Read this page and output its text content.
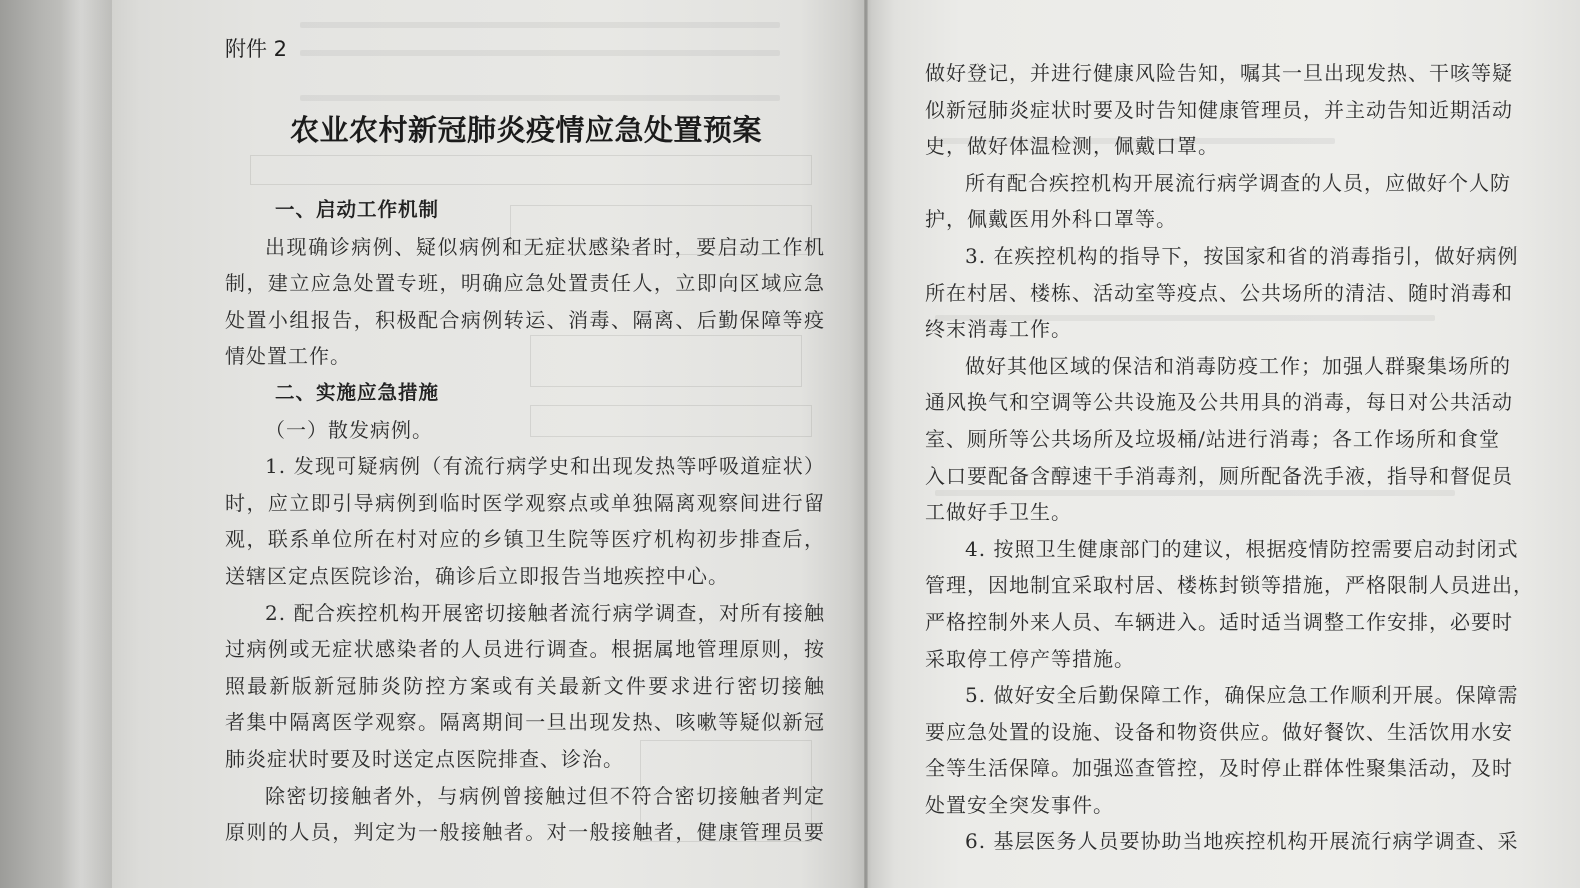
附件 2
农业农村新冠肺炎疫情应急处置预案
一、启动工作机制
出现确诊病例、疑似病例和无症状感染者时，要启动工作机
制，建立应急处置专班，明确应急处置责任人，立即向区域应急
处置小组报告，积极配合病例转运、消毒、隔离、后勤保障等疫
情处置工作。
二、实施应急措施
（一）散发病例。
1. 发现可疑病例（有流行病学史和出现发热等呼吸道症状）
时，应立即引导病例到临时医学观察点或单独隔离观察间进行留
观，联系单位所在村对应的乡镇卫生院等医疗机构初步排查后，
送辖区定点医院诊治，确诊后立即报告当地疾控中心。
2. 配合疾控机构开展密切接触者流行病学调查，对所有接触
过病例或无症状感染者的人员进行调查。根据属地管理原则，按
照最新版新冠肺炎防控方案或有关最新文件要求进行密切接触
者集中隔离医学观察。隔离期间一旦出现发热、咳嗽等疑似新冠
肺炎症状时要及时送定点医院排查、诊治。
除密切接触者外，与病例曾接触过但不符合密切接触者判定
原则的人员，判定为一般接触者。对一般接触者，健康管理员要
做好登记，并进行健康风险告知，嘱其一旦出现发热、干咳等疑
似新冠肺炎症状时要及时告知健康管理员，并主动告知近期活动
史，做好体温检测，佩戴口罩。
所有配合疾控机构开展流行病学调查的人员，应做好个人防
护，佩戴医用外科口罩等。
3. 在疾控机构的指导下，按国家和省的消毒指引，做好病例
所在村居、楼栋、活动室等疫点、公共场所的清洁、随时消毒和
终末消毒工作。
做好其他区域的保洁和消毒防疫工作；加强人群聚集场所的
通风换气和空调等公共设施及公共用具的消毒，每日对公共活动
室、厕所等公共场所及垃圾桶/站进行消毒；各工作场所和食堂
入口要配备含醇速干手消毒剂，厕所配备洗手液，指导和督促员
工做好手卫生。
4. 按照卫生健康部门的建议，根据疫情防控需要启动封闭式
管理，因地制宜采取村居、楼栋封锁等措施，严格限制人员进出，
严格控制外来人员、车辆进入。适时适当调整工作安排，必要时
采取停工停产等措施。
5. 做好安全后勤保障工作，确保应急工作顺利开展。保障需
要应急处置的设施、设备和物资供应。做好餐饮、生活饮用水安
全等生活保障。加强巡查管控，及时停止群体性聚集活动，及时
处置安全突发事件。
6. 基层医务人员要协助当地疾控机构开展流行病学调查、采
